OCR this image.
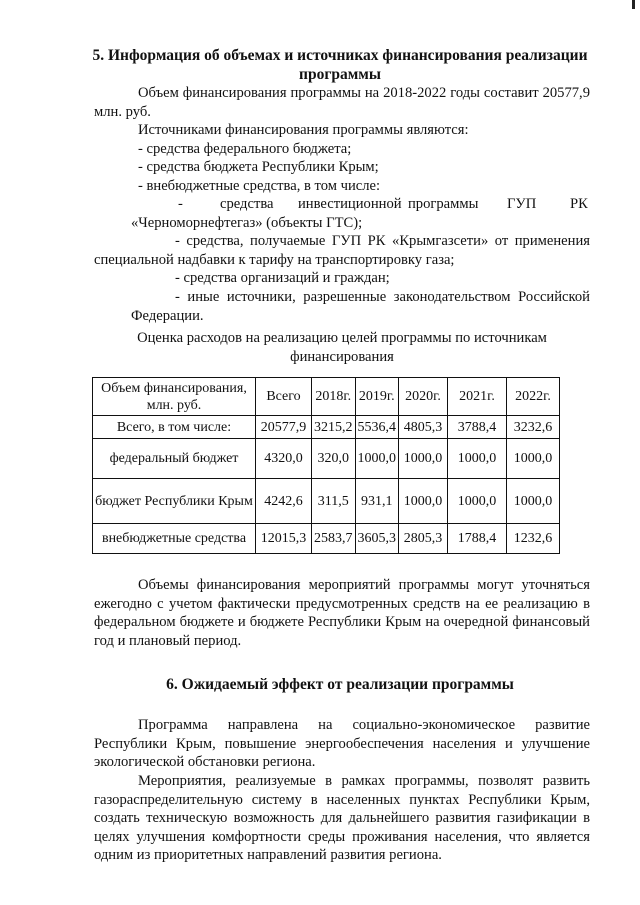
5. Информация об объемах и источниках финансирования реализации
программы

Объем финансирования программы на 2018-2022 годы составит 20577,9 млн. руб.

Источниками финансирования программы являются:

- средства федерального бюджета;

- средства бюджета Республики Крым;

- внебюджетные средства, в том числе:

-	средства инвестиционной программы ГУП РК

«Черноморнефтегаз» (объекты ГТС);

- средства, получаемые ГУП РК «Крымгазсети» от применения специальной надбавки к тарифу на транспортировку газа;

- средства организаций и граждан;

- иные источники, разрешенные законодательством Российской Федерации.

Оценка расходов на реализацию целей программы по источникам
финансирования

Объем финансирования, млн. руб.	Всего	2018г.	2019г.	2020г.	2021г.	2022г.
Всего, в том числе:	20577,9	3215,2	5536,4	4805,3	3788,4	3232,6
федеральный бюджет	4320,0	320,0	1000,0	1000,0	1000,0	1000,0
бюджет Республики Крым	4242,6	311,5	931,1	1000,0	1000,0	1000,0
внебюджетные средства	12015,3	2583,7	3605,3	2805,3	1788,4	1232,6

Объемы финансирования мероприятий программы могут уточняться ежегодно с учетом фактически предусмотренных средств на ее реализацию в федеральном бюджете и бюджете Республики Крым на очередной финансовый год и плановый период.

6. Ожидаемый эффект от реализации программы

Программа направлена на социально-экономическое развитие Республики Крым, повышение энергообеспечения населения и улучшение экологической обстановки региона.

Мероприятия, реализуемые в рамках программы, позволят развить газораспределительную систему в населенных пунктах Республики Крым, создать техническую возможность для дальнейшего развития газификации в целях улучшения комфортности среды проживания населения, что является одним из приоритетных направлений развития региона.
